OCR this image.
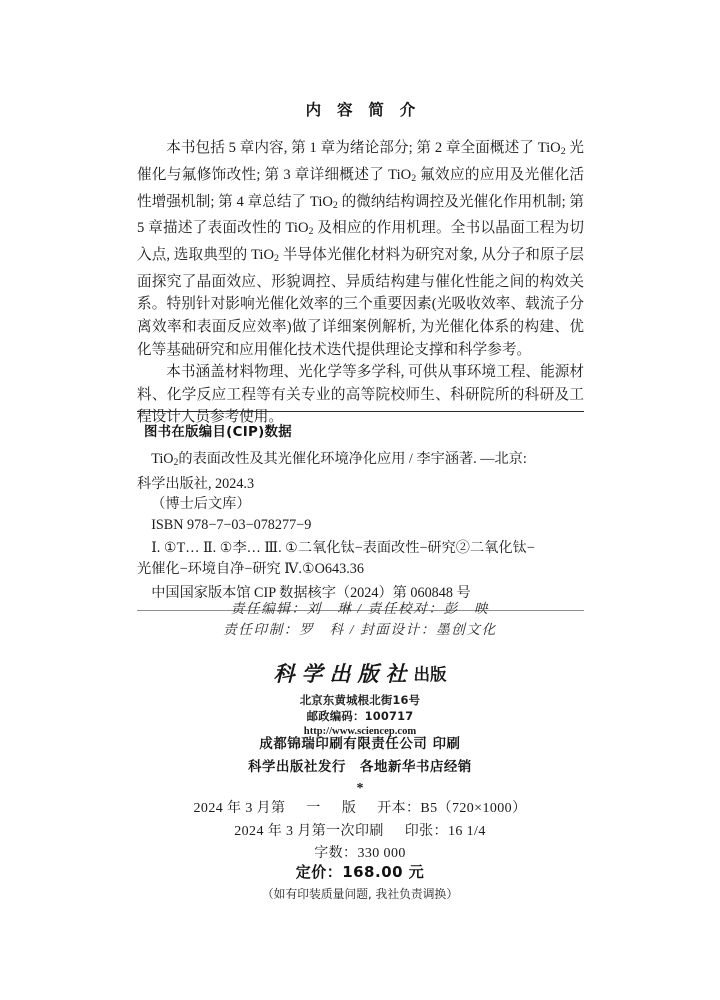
内 容 简 介

本书包括 5 章内容, 第 1 章为绪论部分; 第 2 章全面概述了 TiO$_2$ 光催化与氟修饰改性; 第 3 章详细概述了 TiO$_2$ 氟效应的应用及光催化活性增强机制; 第 4 章总结了 TiO$_2$ 的微纳结构调控及光催化作用机制; 第 5 章描述了表面改性的 TiO$_2$ 及相应的作用机理。全书以晶面工程为切入点, 选取典型的 TiO$_2$ 半导体光催化材料为研究对象, 从分子和原子层面探究了晶面效应、形貌调控、异质结构建与催化性能之间的构效关系。特别针对影响光催化效率的三个重要因素(光吸收效率、载流子分离效率和表面反应效率)做了详细案例解析, 为光催化体系的构建、优化等基础研究和应用催化技术迭代提供理论支撑和科学参考。

本书涵盖材料物理、光化学等多学科, 可供从事环境工程、能源材料、化学反应工程等有关专业的高等院校师生、科研院所的科研及工程设计人员参考使用。

图书在版编目(CIP)数据

TiO$_2$的表面改性及其光催化环境净化应用 / 李宇涵著. —北京:

科学出版社, 2024.3

（博士后文库）

ISBN 978−7−03−078277−9

Ⅰ. ①T… Ⅱ. ①李… Ⅲ. ①二氧化钛−表面改性−研究②二氧化钛−

光催化−环境自净−研究 Ⅳ.①O643.36

中国国家版本馆 CIP 数据核字（2024）第 060848 号

责任编辑：刘　琳 / 责任校对：彭　映
责任印制：罗　科 / 封面设计：墨创文化
科学出版社 出版
北京东黄城根北街16号
邮政编码：100717
http://www.sciencep.com
成都锦瑞印刷有限责任公司 印刷
科学出版社发行　各地新华书店经销
*
2024 年 3 月第 一 版 开本：B5（720×1000）
2024 年 3 月第一次印刷 印张：16 1/4
字数：330 000
定价：168.00 元
（如有印装质量问题, 我社负责调换）
